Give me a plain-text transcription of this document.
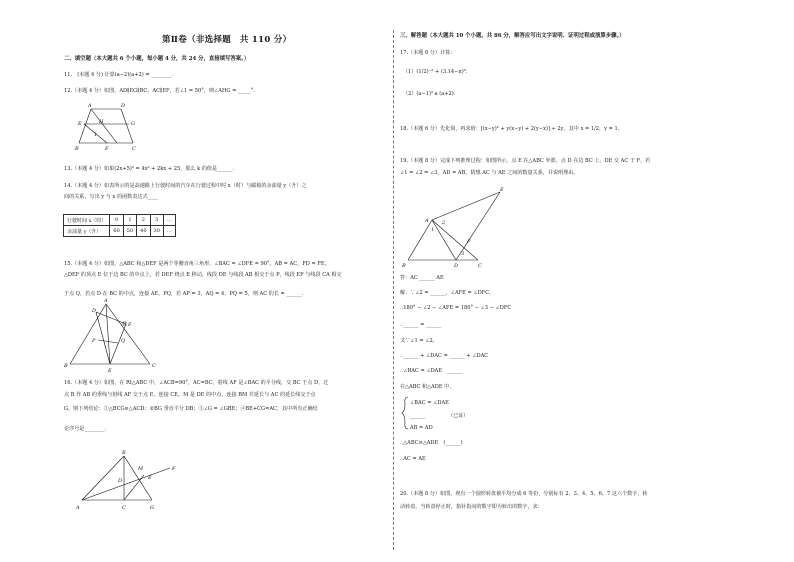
第Ⅱ卷（非选择题　共 110 分）
二、填空题（本大题共 6 个小题，每小题 4 分，共 24 分，直接填写答案。）
11.　(本题 4 分) 计算(a−2)(a+2) = ________.
12.（本题 4 分）如图，AD∥EG∥BC，AC∥EF，若∠1 = 50°，则∠AHG = _____°.
A	D
E	H	G
1
B	F	C
13.（本题 4 分）如果(2x+5)² = 4x² + 2kx + 25，那么 k 的值是______.
14.（本题 4 分）如表所示的是高速路上行驶时间的汽车在行驶过程中时 x（时）与邮箱的余油量 y（升）之
间的关系，写出 y 与 x 的函数表达式____
行驶时间 x（时）	0	1	2	3	…
余油量 y（升）	60	50	40	30	…
15.（本题 4 分）如图，△ABC 和△DEF 是两个等腰直角三角形，∠BAC = ∠DFE = 90°，AB = AC，FD = FE，
△DEF 的顶点 E 位于边 BC 的中点上，若 DEF 绕点 E 移动，线段 DE 与线段 AB 相交于点 P，线段 EF 与线段 CA 相交
于点 Q，若点 D 在 BC 的中点，连接 AE、PQ，若 AP = 3，AQ = 4，PQ = 5，则 AC 的长 = ______.
A
Q
F
P
D
B
E
C
16.（本题 4 分）如图，在 Rt△ABC 中，∠ACB=90°，AC=BC，射线 AF 是∠BAC 的平分线，交 BC 于点 D，过
点 B 作 AB 的垂线与射线 AF 交于点 E，连接 CE，M 是 DE 的中点，连接 BM 并延长与 AC 的延长线交于点
G，则下列结论：①△BCG≌△ACD；②BG 垂直平分 DB；③∠G = ∠GBE；④BE+CG=AC，其中所有正确结
论序号是________.
B
M	F
E
D
A	C	G
三、解答题（本大题共 10 个小题，共 86 分，解答应写出文字说明、证明过程或演算步骤。）
17.（本题 6 分）计算：
（1）(1/2)⁻² + (3.14−π)⁰.
（2）(a−1)² a (a+2).
18.（本题 6 分）先化简，再求值：[(x−y)² + y(x−y) + 2(y−x)] ÷ 2y，其中 x = 1/2，y = 1.
19.（本题 8 分）完成下列推理过程：如图所示，点 E 在△ABC 外部，点 D 在边 BC 上，DE 交 AC 于 F，若
∠1 = ∠2 = ∠3，AD = AB，猜想 AC 与 AE 之间的数量关系，并说明理由。
E
A
1
2
F
3
B	D	C
答：AC ______ AE
解：∵∠2 = ______，∠AFE = ∠DFC，
∴180° − ∠2 − ∠AFE = 180° − ∠3 − ∠DFC
∴______ = ______
又∵∠1 = ∠2，
∴______ + ∠DAC = ______ + ∠DAC
∴∠BAC = ∠DAE　______
在△ABC 和△ADE 中，
∠BAC = ∠DAE
______	（已证）
AB = AD
∴△ABC≌△ADE　(______)
∴AC = AE
20.（本题 8 分）如图，现有一个圆形转盘被平均分成 6 等份，分别标有 2、3、4、5、6、7 这六个数字，转
动转盘，当转盘停止时，指针指向的数字即为转出的数字，求：
